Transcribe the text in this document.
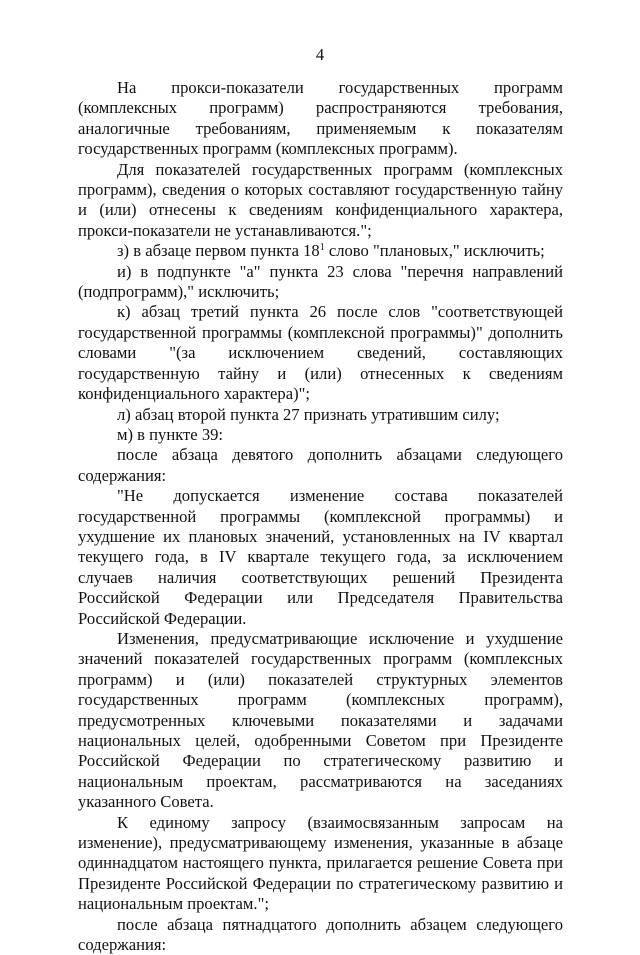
4

На прокси-показатели государственных программ (комплексных программ) распространяются требования, аналогичные требованиям, применяемым к показателям государственных программ (комплексных программ).

Для показателей государственных программ (комплексных программ), сведения о которых составляют государственную тайну и (или) отнесены к сведениям конфиденциального характера, прокси-показатели не устанавливаются.";

з) в абзаце первом пункта $18^1$ слово "плановых," исключить;

и) в подпункте "а" пункта 23 слова "перечня направлений (подпрограмм)," исключить;

к) абзац третий пункта 26 после слов "соответствующей государственной программы (комплексной программы)" дополнить словами "(за исключением сведений, составляющих государственную тайну и (или) отнесенных к сведениям конфиденциального характера)";

л) абзац второй пункта 27 признать утратившим силу;

м) в пункте 39:

после абзаца девятого дополнить абзацами следующего содержания:

"Не допускается изменение состава показателей государственной программы (комплексной программы) и ухудшение их плановых значений, установленных на IV квартал текущего года, в IV квартале текущего года, за исключением случаев наличия соответствующих решений Президента Российской Федерации или Председателя Правительства Российской Федерации.

Изменения, предусматривающие исключение и ухудшение значений показателей государственных программ (комплексных программ) и (или) показателей структурных элементов государственных программ (комплексных программ), предусмотренных ключевыми показателями и задачами национальных целей, одобренными Советом при Президенте Российской Федерации по стратегическому развитию и национальным проектам, рассматриваются на заседаниях указанного Совета.

К единому запросу (взаимосвязанным запросам на изменение), предусматривающему изменения, указанные в абзаце одиннадцатом настоящего пункта, прилагается решение Совета при Президенте Российской Федерации по стратегическому развитию и национальным проектам.";

после абзаца пятнадцатого дополнить абзацем следующего содержания:
